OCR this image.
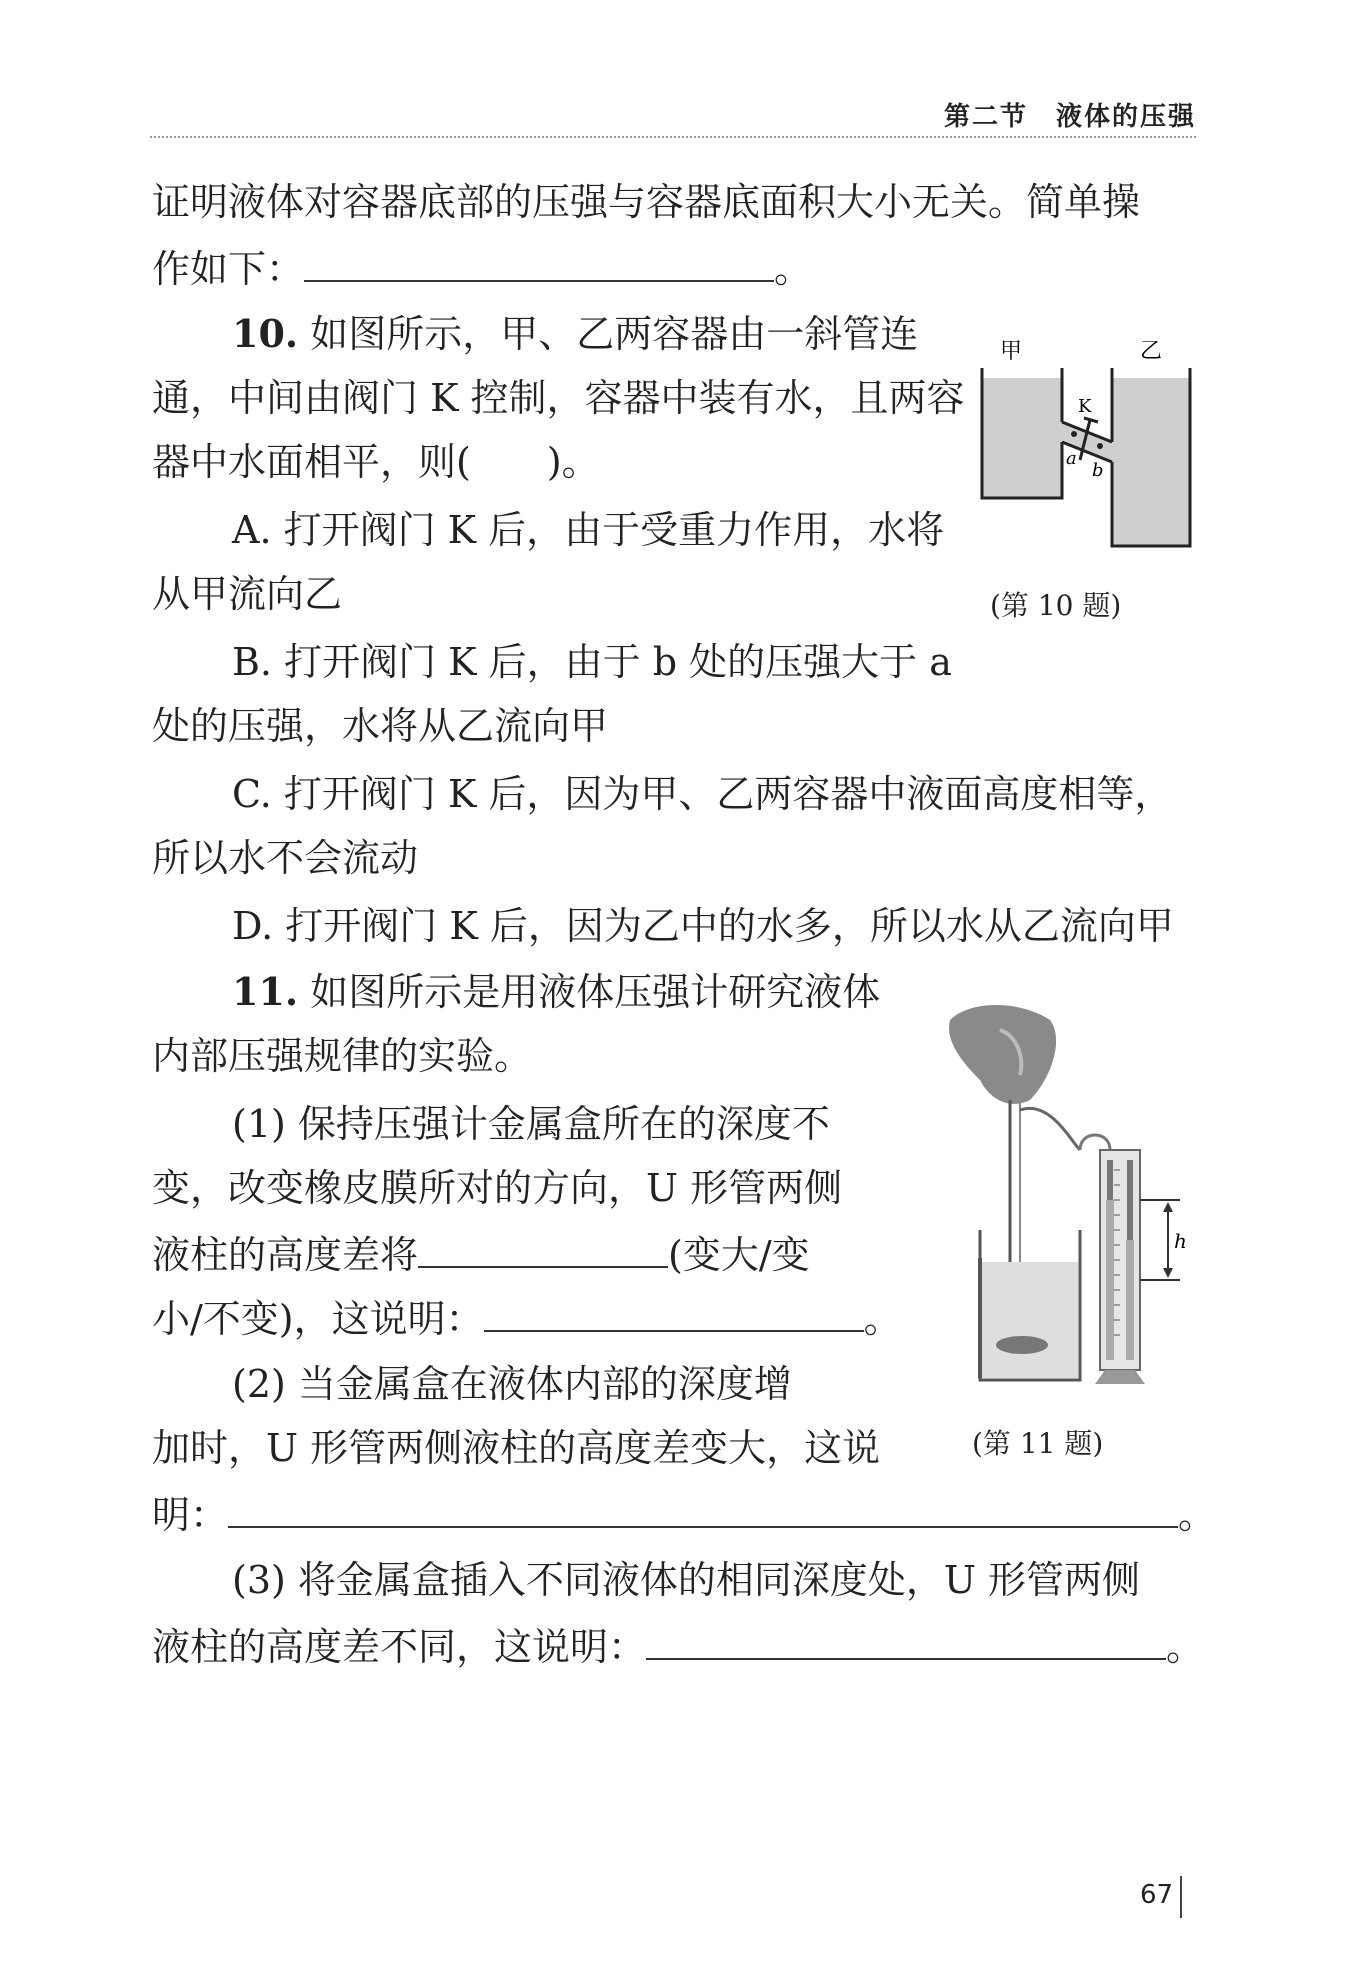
第二节　液体的压强
证明液体对容器底部的压强与容器底面积大小无关。简单操
作如下：	。
10. 如图所示，甲、乙两容器由一斜管连
通，中间由阀门 K 控制，容器中装有水，且两容
器中水面相平，则(　　)。
A. 打开阀门 K 后，由于受重力作用，水将
从甲流向乙
B. 打开阀门 K 后，由于 b 处的压强大于 a
处的压强，水将从乙流向甲
C. 打开阀门 K 后，因为甲、乙两容器中液面高度相等，
所以水不会流动
D. 打开阀门 K 后，因为乙中的水多，所以水从乙流向甲
甲	乙
K
a
b
(第 10 题)
11. 如图所示是用液体压强计研究液体
内部压强规律的实验。
(1) 保持压强计金属盒所在的深度不
变，改变橡皮膜所对的方向，U 形管两侧
液柱的高度差将	(变大/变
小/不变)，这说明：	。
(2) 当金属盒在液体内部的深度增
加时，U 形管两侧液柱的高度差变大，这说
明：	。
(3) 将金属盒插入不同液体的相同深度处，U 形管两侧
液柱的高度差不同，这说明：	。
h
(第 11 题)
67
